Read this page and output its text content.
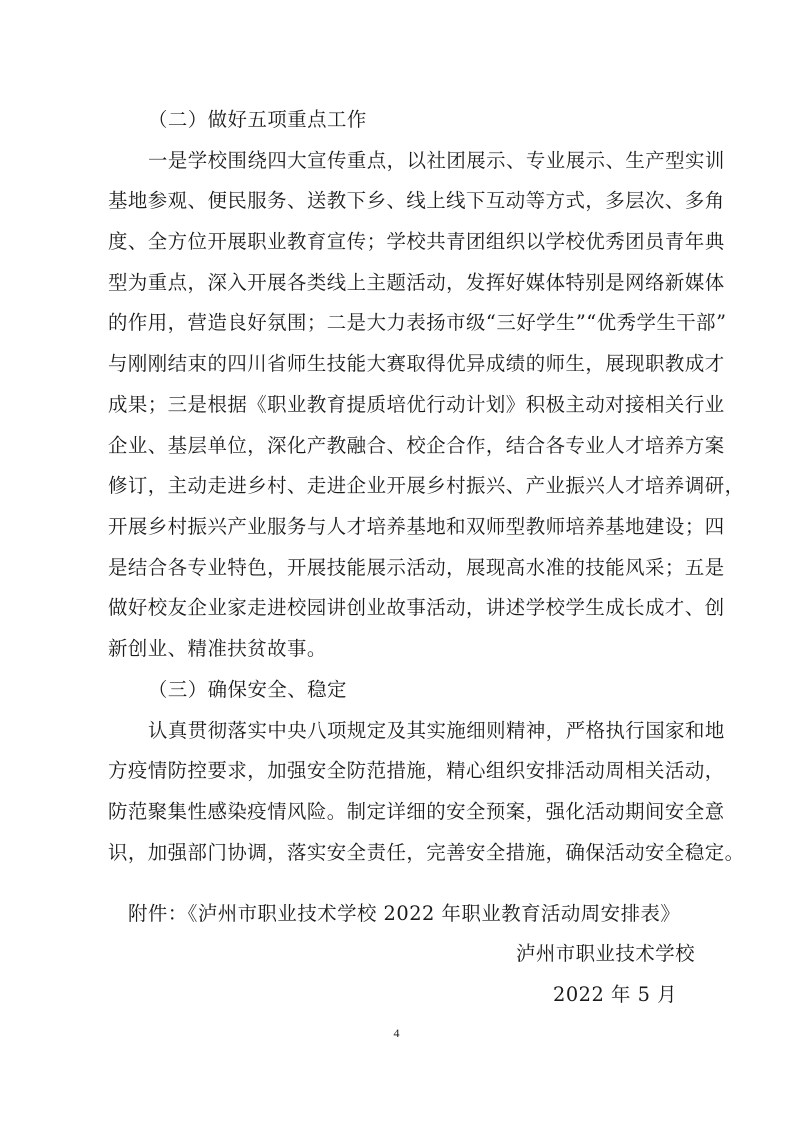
（二）做好五项重点工作
一是学校围绕四大宣传重点，以社团展示、专业展示、生产型实训
基地参观、便民服务、送教下乡、线上线下互动等方式，多层次、多角
度、全方位开展职业教育宣传；学校共青团组织以学校优秀团员青年典
型为重点，深入开展各类线上主题活动，发挥好媒体特别是网络新媒体
的作用，营造良好氛围；二是大力表扬市级“三好学生”“优秀学生干部”
与刚刚结束的四川省师生技能大赛取得优异成绩的师生，展现职教成才
成果；三是根据《职业教育提质培优行动计划》积极主动对接相关行业
企业、基层单位，深化产教融合、校企合作，结合各专业人才培养方案
修订，主动走进乡村、走进企业开展乡村振兴、产业振兴人才培养调研，
开展乡村振兴产业服务与人才培养基地和双师型教师培养基地建设；四
是结合各专业特色，开展技能展示活动，展现高水准的技能风采；五是
做好校友企业家走进校园讲创业故事活动，讲述学校学生成长成才、创
新创业、精准扶贫故事。
（三）确保安全、稳定
认真贯彻落实中央八项规定及其实施细则精神，严格执行国家和地
方疫情防控要求，加强安全防范措施，精心组织安排活动周相关活动，
防范聚集性感染疫情风险。制定详细的安全预案，强化活动期间安全意
识，加强部门协调，落实安全责任，完善安全措施，确保活动安全稳定。
附件：《泸州市职业技术学校 2022 年职业教育活动周安排表》
泸州市职业技术学校
2022 年 5 月
4
